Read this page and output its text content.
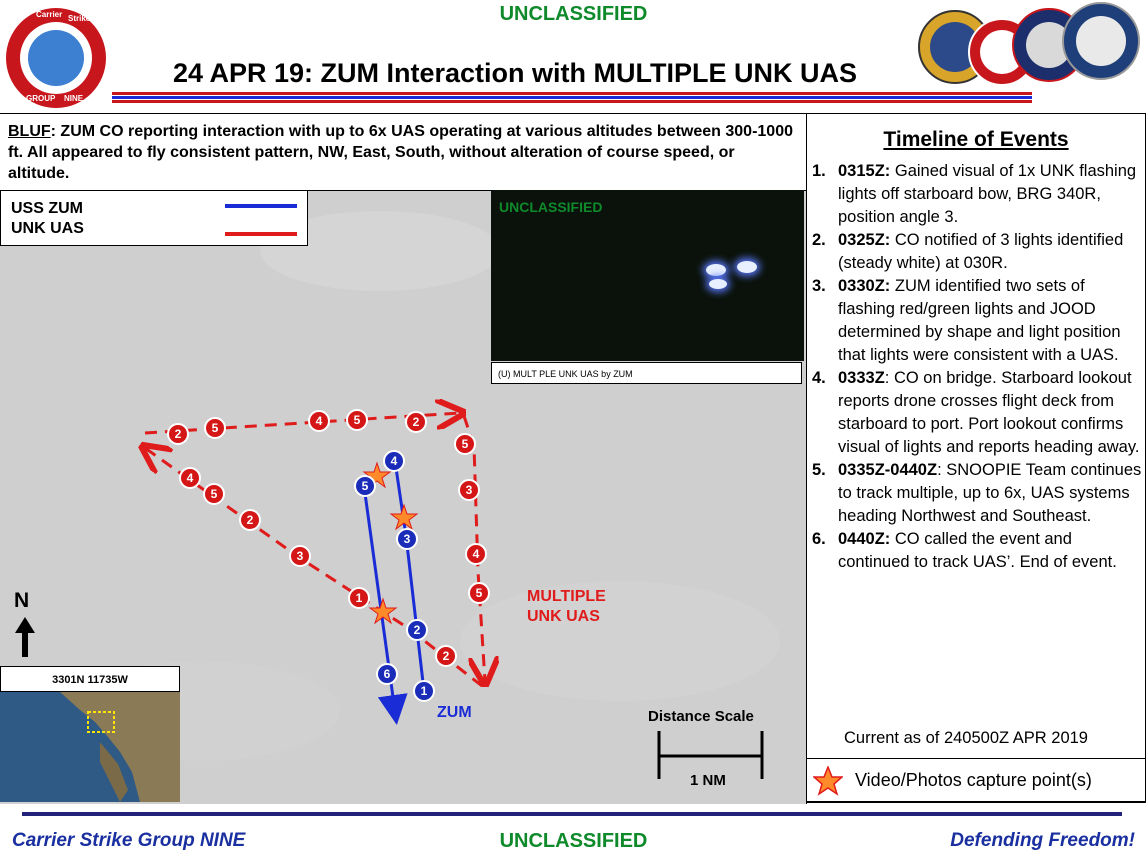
UNCLASSIFIED
Carrier Strike
GROUP NINE
24 APR 19: ZUM Interaction with MULTIPLE UNK UAS
BLUF: ZUM CO reporting interaction with up to 6x UAS operating at various altitudes between 300-1000 ft. All appeared to fly consistent pattern, NW, East, South, without alteration of course speed, or altitude.
2	5	4	5	2
5
3
4
5
4
5
2
3
1
2
4
5
3
2
6
1
MULTIPLE
UNK UAS
ZUM	Distance Scale
1 NM
N
USS ZUM
UNK UAS
UNCLASSIFIED
(U) MULT PLE UNK UAS by ZUM
3301N 11735W
Timeline of Events
1. 0315Z: Gained visual of 1x UNK flashing lights off starboard bow, BRG 340R, position angle 3.
2. 0325Z: CO notified of 3 lights identified (steady white) at 030R.
3. 0330Z: ZUM identified two sets of flashing red/green lights and JOOD determined by shape and light position that lights were consistent with a UAS.
4. 0333Z: CO on bridge. Starboard lookout reports drone crosses flight deck from starboard to port. Port lookout confirms visual of lights and reports heading away.
5. 0335Z-0440Z: SNOOPIE Team continues to track multiple, up to 6x, UAS systems heading Northwest and Southeast.
6. 0440Z: CO called the event and continued to track UAS’. End of event.
Current as of 240500Z APR 2019
Video/Photos capture point(s)
Carrier Strike Group NINE	UNCLASSIFIED	Defending Freedom!
